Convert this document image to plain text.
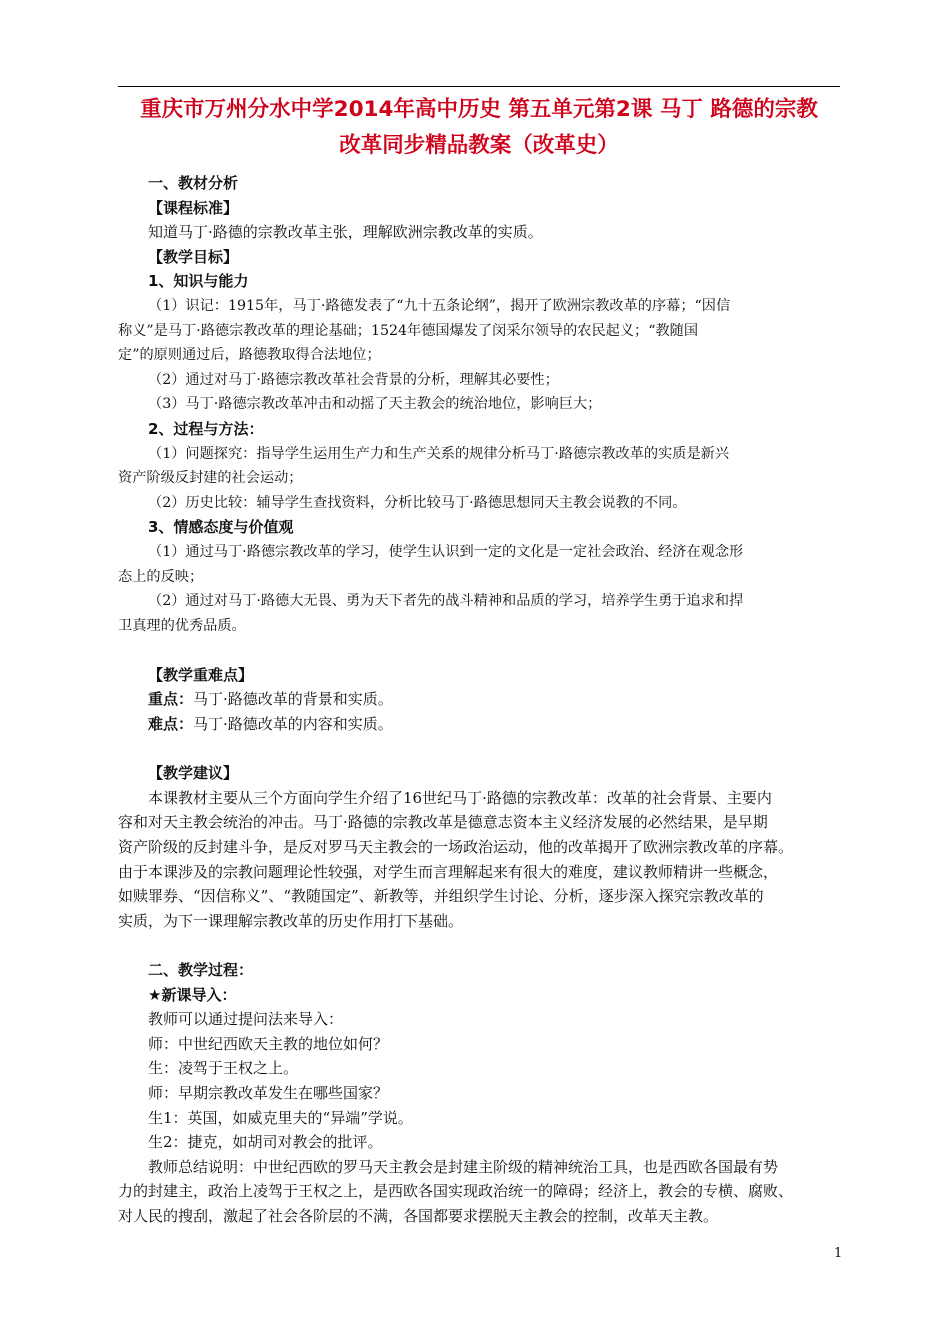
重庆市万州分水中学2014年高中历史 第五单元第2课 马丁 路德的宗教
改革同步精品教案（改革史）

一、教材分析

【课程标准】

知道马丁·路德的宗教改革主张，理解欧洲宗教改革的实质。

【教学目标】

1、知识与能力

（1）识记：1915年，马丁·路德发表了“九十五条论纲”，揭开了欧洲宗教改革的序幕；“因信
称义”是马丁·路德宗教改革的理论基础；1524年德国爆发了闵采尔领导的农民起义；“教随国
定”的原则通过后，路德教取得合法地位；

（2）通过对马丁·路德宗教改革社会背景的分析，理解其必要性；

（3）马丁·路德宗教改革冲击和动摇了天主教会的统治地位，影响巨大；

2、过程与方法：

（1）问题探究：指导学生运用生产力和生产关系的规律分析马丁·路德宗教改革的实质是新兴
资产阶级反封建的社会运动；

（2）历史比较：辅导学生查找资料，分析比较马丁·路德思想同天主教会说教的不同。

3、情感态度与价值观

（1）通过马丁·路德宗教改革的学习，使学生认识到一定的文化是一定社会政治、经济在观念形
态上的反映；

（2）通过对马丁·路德大无畏、勇为天下者先的战斗精神和品质的学习，培养学生勇于追求和捍
卫真理的优秀品质。

【教学重难点】

重点：马丁·路德改革的背景和实质。

难点：马丁·路德改革的内容和实质。

【教学建议】

本课教材主要从三个方面向学生介绍了16世纪马丁·路德的宗教改革：改革的社会背景、主要内
容和对天主教会统治的冲击。马丁·路德的宗教改革是德意志资本主义经济发展的必然结果，是早期
资产阶级的反封建斗争，是反对罗马天主教会的一场政治运动，他的改革揭开了欧洲宗教改革的序幕。
由于本课涉及的宗教问题理论性较强，对学生而言理解起来有很大的难度，建议教师精讲一些概念，
如赎罪券、“因信称义”、“教随国定”、新教等，并组织学生讨论、分析，逐步深入探究宗教改革的
实质，为下一课理解宗教改革的历史作用打下基础。

二、教学过程：

★新课导入：

教师可以通过提问法来导入：

师：中世纪西欧天主教的地位如何？

生：凌驾于王权之上。

师：早期宗教改革发生在哪些国家？

生1：英国，如威克里夫的“异端”学说。

生2：捷克，如胡司对教会的批评。

教师总结说明：中世纪西欧的罗马天主教会是封建主阶级的精神统治工具，也是西欧各国最有势
力的封建主，政治上凌驾于王权之上，是西欧各国实现政治统一的障碍；经济上，教会的专横、腐败、
对人民的搜刮，激起了社会各阶层的不满，各国都要求摆脱天主教会的控制，改革天主教。

1
